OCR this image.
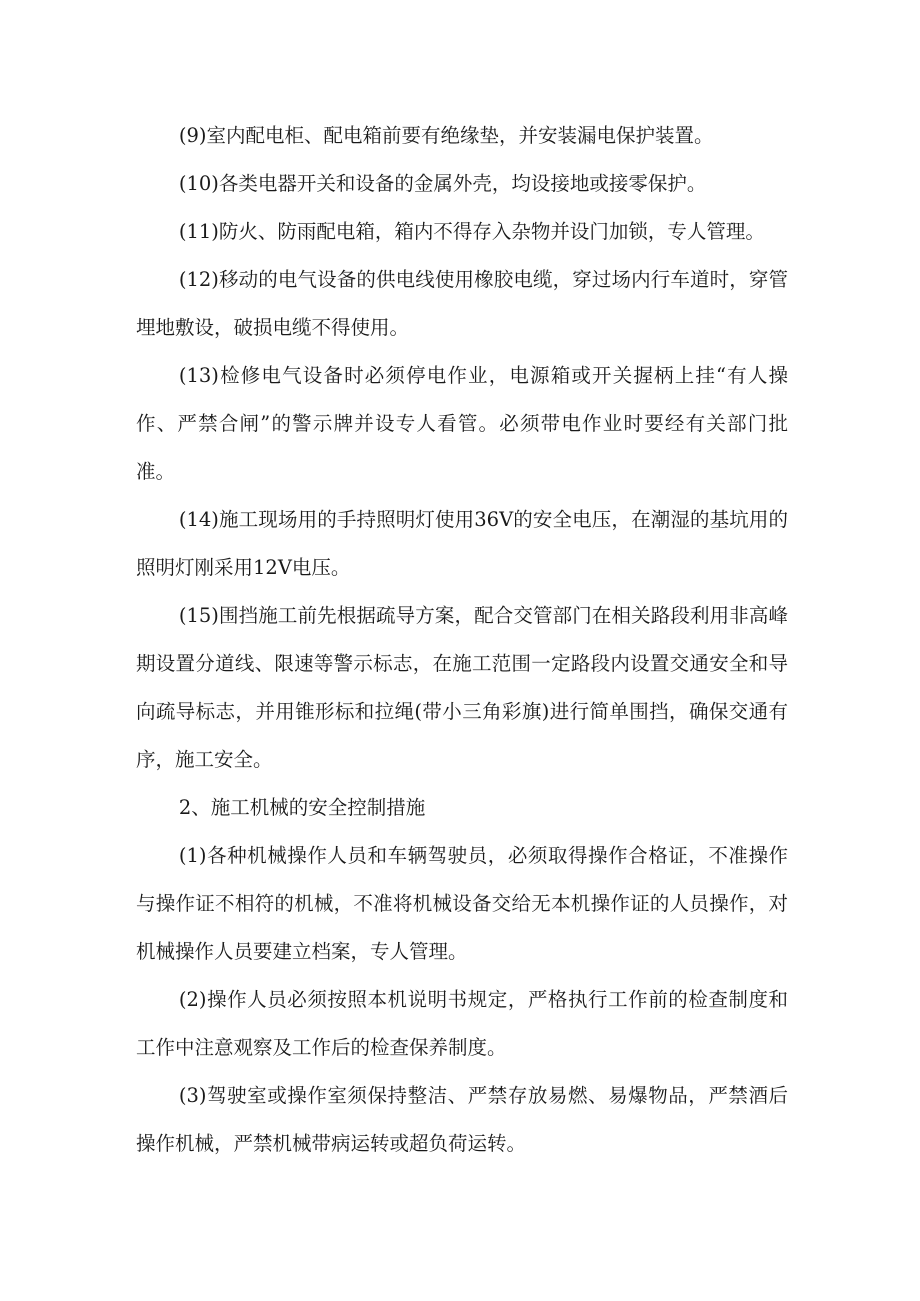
(9)室内配电柜、配电箱前要有绝缘垫，并安装漏电保护装置。

(10)各类电器开关和设备的金属外壳，均设接地或接零保护。

(11)防火、防雨配电箱，箱内不得存入杂物并设门加锁，专人管理。

(12)移动的电气设备的供电线使用橡胶电缆，穿过场内行车道时，穿管埋地敷设，破损电缆不得使用。

(13)检修电气设备时必须停电作业，电源箱或开关握柄上挂“有人操作、严禁合闸”的警示牌并设专人看管。必须带电作业时要经有关部门批准。

(14)施工现场用的手持照明灯使用36V的安全电压，在潮湿的基坑用的照明灯刚采用12V电压。

(15)围挡施工前先根据疏导方案，配合交管部门在相关路段利用非高峰期设置分道线、限速等警示标志，在施工范围一定路段内设置交通安全和导向疏导标志，并用锥形标和拉绳(带小三角彩旗)进行简单围挡，确保交通有序，施工安全。

2、施工机械的安全控制措施

(1)各种机械操作人员和车辆驾驶员，必须取得操作合格证，不准操作与操作证不相符的机械，不准将机械设备交给无本机操作证的人员操作，对机械操作人员要建立档案，专人管理。

(2)操作人员必须按照本机说明书规定，严格执行工作前的检查制度和工作中注意观察及工作后的检查保养制度。

(3)驾驶室或操作室须保持整洁、严禁存放易燃、易爆物品，严禁酒后操作机械，严禁机械带病运转或超负荷运转。
